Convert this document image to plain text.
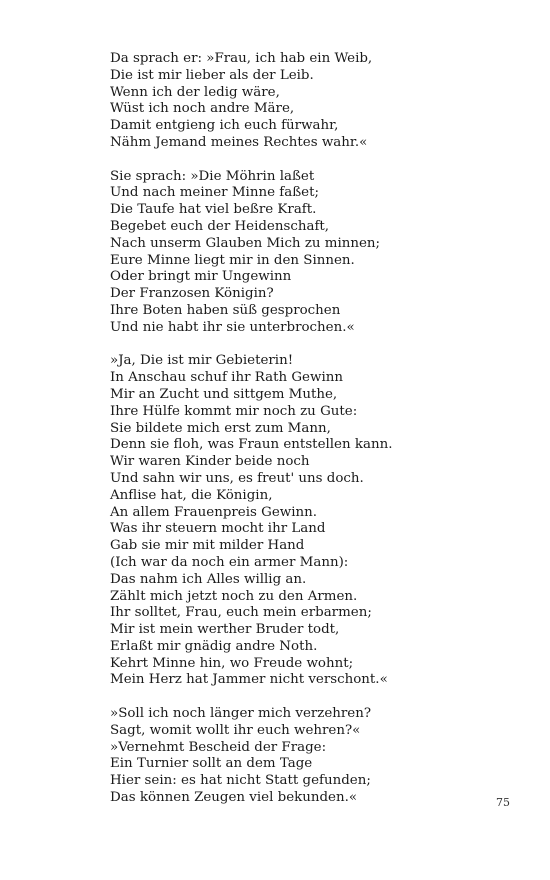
Da sprach er: »Frau, ich hab ein Weib,
Die ist mir lieber als der Leib.
Wenn ich der ledig wäre,
Wüst ich noch andre Märe,
Damit entgieng ich euch fürwahr,
Nähm Jemand meines Rechtes wahr.«
Sie sprach: »Die Möhrin laßet
Und nach meiner Minne faßet;
Die Taufe hat viel beßre Kraft.
Begebet euch der Heidenschaft,
Nach unserm Glauben Mich zu minnen;
Eure Minne liegt mir in den Sinnen.
Oder bringt mir Ungewinn
Der Franzosen Königin?
Ihre Boten haben süß gesprochen
Und nie habt ihr sie unterbrochen.«
»Ja, Die ist mir Gebieterin!
In Anschau schuf ihr Rath Gewinn
Mir an Zucht und sittgem Muthe,
Ihre Hülfe kommt mir noch zu Gute:
Sie bildete mich erst zum Mann,
Denn sie floh, was Fraun entstellen kann.
Wir waren Kinder beide noch
Und sahn wir uns, es freut' uns doch.
Anflise hat, die Königin,
An allem Frauenpreis Gewinn.
Was ihr steuern mocht ihr Land
Gab sie mir mit milder Hand
(Ich war da noch ein armer Mann):
Das nahm ich Alles willig an.
Zählt mich jetzt noch zu den Armen.
Ihr solltet, Frau, euch mein erbarmen;
Mir ist mein werther Bruder todt,
Erlaßt mir gnädig andre Noth.
Kehrt Minne hin, wo Freude wohnt;
Mein Herz hat Jammer nicht verschont.«
»Soll ich noch länger mich verzehren?
Sagt, womit wollt ihr euch wehren?«
»Vernehmt Bescheid der Frage:
Ein Turnier sollt an dem Tage
Hier sein: es hat nicht Statt gefunden;
Das können Zeugen viel bekunden.«	75
